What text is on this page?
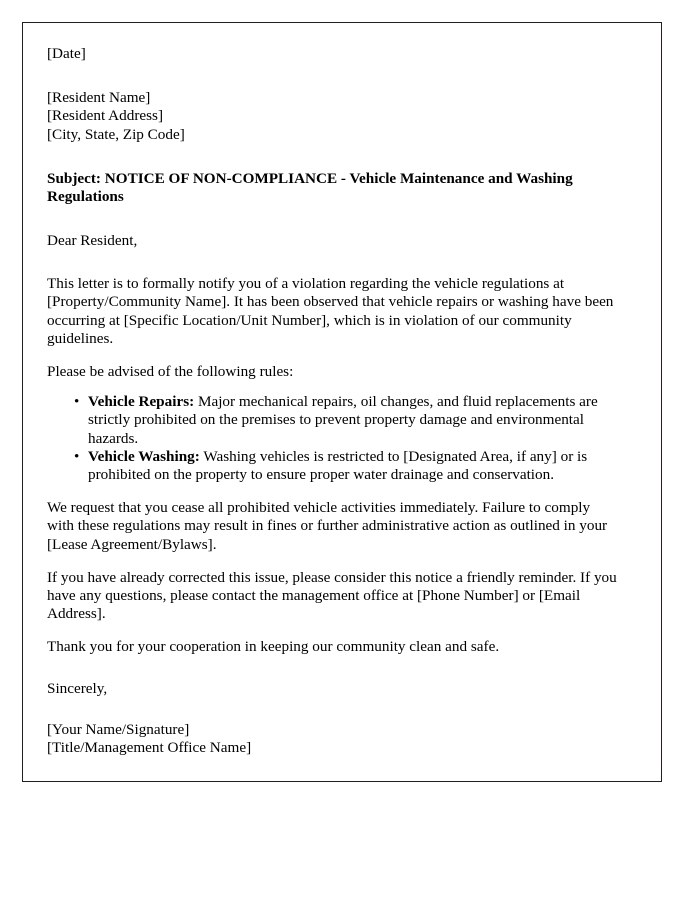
[Date]
[Resident Name]
[Resident Address]
[City, State, Zip Code]
Subject: NOTICE OF NON-COMPLIANCE - Vehicle Maintenance and Washing Regulations

Dear Resident,

This letter is to formally notify you of a violation regarding the vehicle regulations at [Property/Community Name]. It has been observed that vehicle repairs or washing have been occurring at [Specific Location/Unit Number], which is in violation of our community guidelines.

Please be advised of the following rules:

• Vehicle Repairs: Major mechanical repairs, oil changes, and fluid replacements are strictly prohibited on the premises to prevent property damage and environmental hazards.
• Vehicle Washing: Washing vehicles is restricted to [Designated Area, if any] or is prohibited on the property to ensure proper water drainage and conservation.

We request that you cease all prohibited vehicle activities immediately. Failure to comply with these regulations may result in fines or further administrative action as outlined in your [Lease Agreement/Bylaws].

If you have already corrected this issue, please consider this notice a friendly reminder. If you have any questions, please contact the management office at [Phone Number] or [Email Address].

Thank you for your cooperation in keeping our community clean and safe.

Sincerely,

[Your Name/Signature]
[Title/Management Office Name]
